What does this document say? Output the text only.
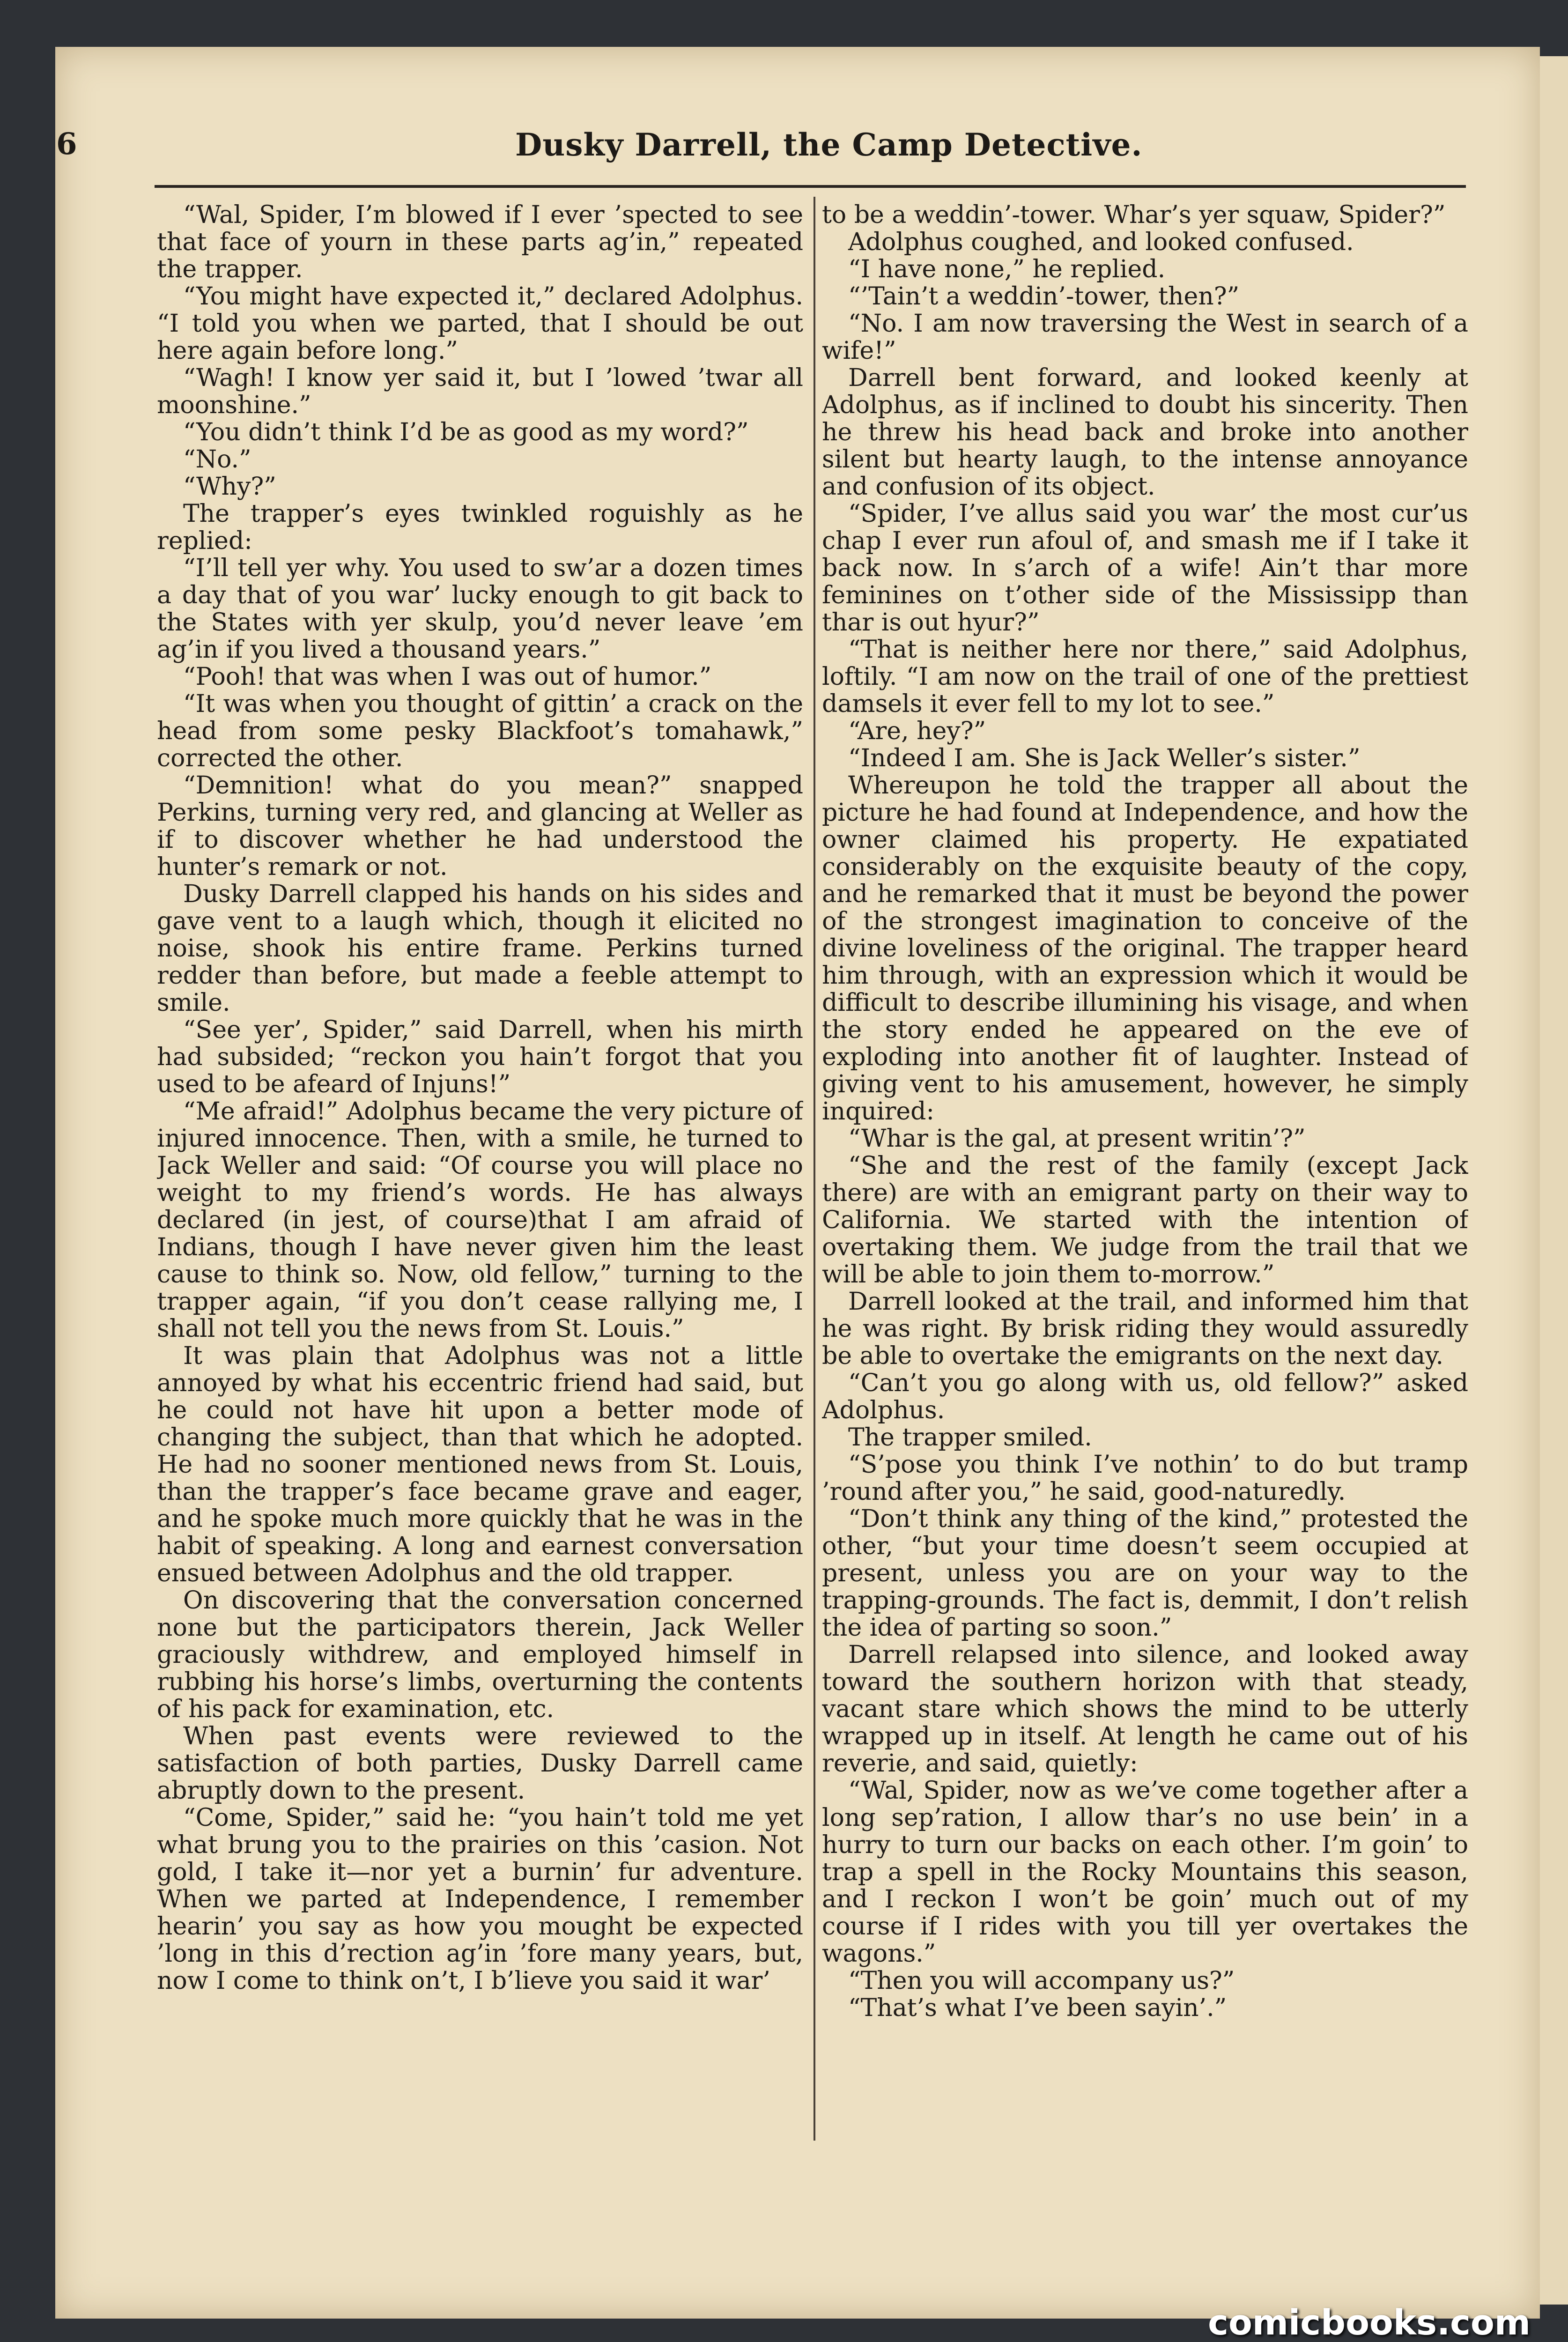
6	Dusky Darrell, the Camp Detective.

“Wal, Spider, I’m blowed if I ever ’spected to see that face of yourn in these parts ag’in,” repeated the trapper.

“You might have expected it,” declared Adolphus. “I told you when we parted, that I should be out here again before long.”

“Wagh! I know yer said it, but I ’lowed ’twar all moonshine.”

“You didn’t think I’d be as good as my word?”

“No.”

“Why?”

The trapper’s eyes twinkled roguishly as he replied:

“I’ll tell yer why. You used to sw’ar a dozen times a day that of you war’ lucky enough to git back to the States with yer skulp, you’d never leave ’em ag’in if you lived a thousand years.”

“Pooh! that was when I was out of humor.”

“It was when you thought of gittin’ a crack on the head from some pesky Blackfoot’s tomahawk,” corrected the other.

“Demnition! what do you mean?” snapped Perkins, turning very red, and glancing at Weller as if to discover whether he had understood the hunter’s remark or not.

Dusky Darrell clapped his hands on his sides and gave vent to a laugh which, though it elicited no noise, shook his entire frame. Perkins turned redder than before, but made a feeble attempt to smile.

“See yer’, Spider,” said Darrell, when his mirth had subsided; “reckon you hain’t forgot that you used to be afeard of Injuns!”

“Me afraid!” Adolphus became the very picture of injured innocence. Then, with a smile, he turned to Jack Weller and said: “Of course you will place no weight to my friend’s words. He has always declared (in jest, of course)that I am afraid of Indians, though I have never given him the least cause to think so. Now, old fellow,” turning to the trapper again, “if you don’t cease rallying me, I shall not tell you the news from St. Louis.”

It was plain that Adolphus was not a little annoyed by what his eccentric friend had said, but he could not have hit upon a better mode of changing the subject, than that which he adopted. He had no sooner mentioned news from St. Louis, than the trapper’s face became grave and eager, and he spoke much more quickly that he was in the habit of speaking. A long and earnest conversation ensued between Adolphus and the old trapper.

On discovering that the conversation concerned none but the participators therein, Jack Weller graciously withdrew, and employed himself in rubbing his horse’s limbs, overturning the contents of his pack for examination, etc.

When past events were reviewed to the satisfaction of both parties, Dusky Darrell came abruptly down to the present.

“Come, Spider,” said he: “you hain’t told me yet what brung you to the prairies on this ’casion. Not gold, I take it—nor yet a burnin’ fur adventure. When we parted at Independence, I remember hearin’ you say as how you mought be expected ’long in this d’rection ag’in ’fore many years, but, now I come to think on’t, I b’lieve you said it war’

to be a weddin’-tower. Whar’s yer squaw, Spider?”

Adolphus coughed, and looked confused.

“I have none,” he replied.

“’Tain’t a weddin’-tower, then?”

“No. I am now traversing the West in search of a wife!”

Darrell bent forward, and looked keenly at Adolphus, as if inclined to doubt his sincerity. Then he threw his head back and broke into another silent but hearty laugh, to the intense annoyance and confusion of its object.

“Spider, I’ve allus said you war’ the most cur’us chap I ever run afoul of, and smash me if I take it back now. In s’arch of a wife! Ain’t thar more feminines on t’other side of the Mississipp than thar is out hyur?”

“That is neither here nor there,” said Adolphus, loftily. “I am now on the trail of one of the prettiest damsels it ever fell to my lot to see.”

“Are, hey?”

“Indeed I am. She is Jack Weller’s sister.”

Whereupon he told the trapper all about the picture he had found at Independence, and how the owner claimed his property. He expatiated considerably on the exquisite beauty of the copy, and he remarked that it must be beyond the power of the strongest imagination to conceive of the divine loveliness of the original. The trapper heard him through, with an expression which it would be difficult to describe illumining his visage, and when the story ended he appeared on the eve of exploding into another fit of laughter. Instead of giving vent to his amusement, however, he simply inquired:

“Whar is the gal, at present writin’?”

“She and the rest of the family (except Jack there) are with an emigrant party on their way to California. We started with the intention of overtaking them. We judge from the trail that we will be able to join them to-morrow.”

Darrell looked at the trail, and informed him that he was right. By brisk riding they would assuredly be able to overtake the emigrants on the next day.

“Can’t you go along with us, old fellow?” asked Adolphus.

The trapper smiled.

“S’pose you think I’ve nothin’ to do but tramp ’round after you,” he said, good-naturedly.

“Don’t think any thing of the kind,” protested the other, “but your time doesn’t seem occupied at present, unless you are on your way to the trapping-grounds. The fact is, demmit, I don’t relish the idea of parting so soon.”

Darrell relapsed into silence, and looked away toward the southern horizon with that steady, vacant stare which shows the mind to be utterly wrapped up in itself. At length he came out of his reverie, and said, quietly:

“Wal, Spider, now as we’ve come together after a long sep’ration, I allow thar’s no use bein’ in a hurry to turn our backs on each other. I’m goin’ to trap a spell in the Rocky Mountains this season, and I reckon I won’t be goin’ much out of my course if I rides with you till yer overtakes the wagons.”

“Then you will accompany us?”

“That’s what I’ve been sayin’.”

comicbooks.com
